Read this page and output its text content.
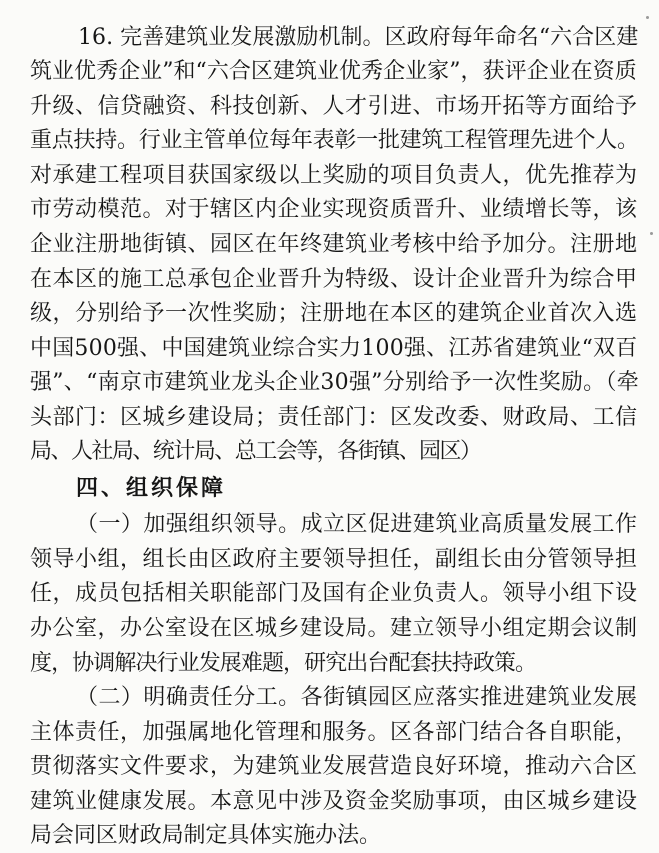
16. 完善建筑业发展激励机制。区政府每年命名“六合区建
筑业优秀企业”和“六合区建筑业优秀企业家”，获评企业在资质
升级、信贷融资、科技创新、人才引进、市场开拓等方面给予
重点扶持。行业主管单位每年表彰一批建筑工程管理先进个人。
对承建工程项目获国家级以上奖励的项目负责人，优先推荐为
市劳动模范。对于辖区内企业实现资质晋升、业绩增长等，该
企业注册地街镇、园区在年终建筑业考核中给予加分。注册地
在本区的施工总承包企业晋升为特级、设计企业晋升为综合甲
级，分别给予一次性奖励；注册地在本区的建筑企业首次入选
中国500强、中国建筑业综合实力100强、江苏省建筑业“双百
强”、“南京市建筑业龙头企业30强”分别给予一次性奖励。（牵
头部门：区城乡建设局；责任部门：区发改委、财政局、工信
局、人社局、统计局、总工会等，各街镇、园区）
四、组织保障
（一）加强组织领导。成立区促进建筑业高质量发展工作
领导小组，组长由区政府主要领导担任，副组长由分管领导担
任，成员包括相关职能部门及国有企业负责人。领导小组下设
办公室，办公室设在区城乡建设局。建立领导小组定期会议制
度，协调解决行业发展难题，研究出台配套扶持政策。
（二）明确责任分工。各街镇园区应落实推进建筑业发展
主体责任，加强属地化管理和服务。区各部门结合各自职能，
贯彻落实文件要求，为建筑业发展营造良好环境，推动六合区
建筑业健康发展。本意见中涉及资金奖励事项，由区城乡建设
局会同区财政局制定具体实施办法。
